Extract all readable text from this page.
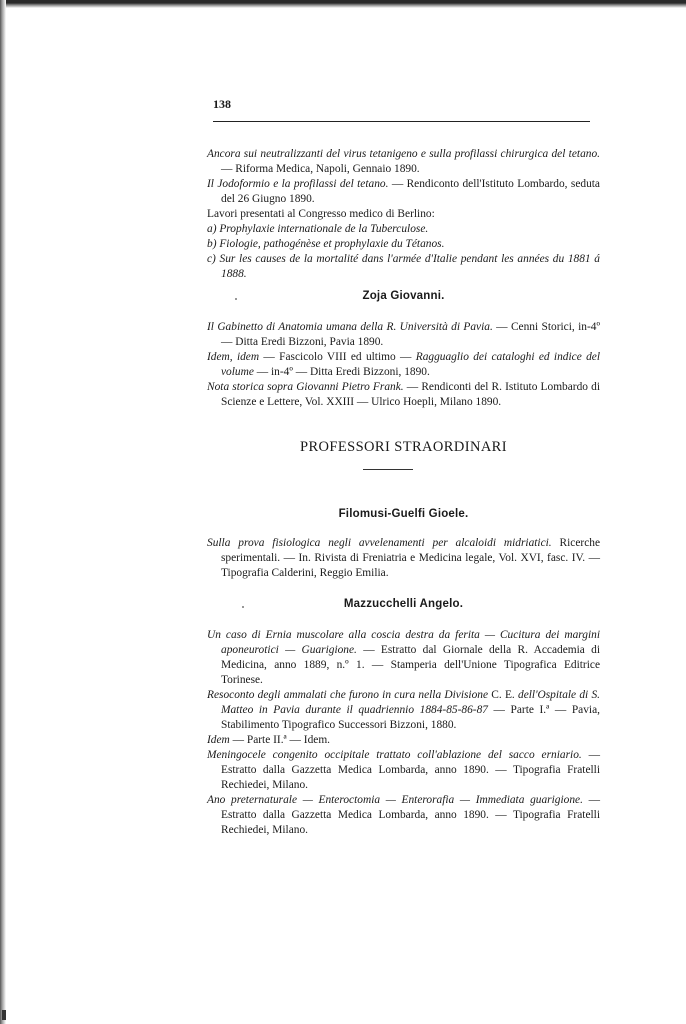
138
Ancora sui neutralizzanti del virus tetanigeno e sulla profilassi chirurgica del tetano. — Riforma Medica, Napoli, Gennaio 1890.
Il Jodoformio e la profilassi del tetano. — Rendiconto dell'Istituto Lombardo, seduta del 26 Giugno 1890.
Lavori presentati al Congresso medico di Berlino:
a) Prophylaxie internationale de la Tuberculose.
b) Fiologie, pathogénèse et prophylaxie du Tétanos.
c) Sur les causes de la mortalité dans l'armée d'Italie pendant les années du 1881 á 1888.
Zoja Giovanni.
Il Gabinetto di Anatomia umana della R. Università di Pavia. — Cenni Storici, in-4º — Ditta Eredi Bizzoni, Pavia 1890.
Idem, idem — Fascicolo VIII ed ultimo — Ragguaglio dei cataloghi ed indice del volume — in-4º — Ditta Eredi Bizzoni, 1890.
Nota storica sopra Giovanni Pietro Frank. — Rendiconti del R. Istituto Lombardo di Scienze e Lettere, Vol. XXIII — Ulrico Hoepli, Milano 1890.
PROFESSORI STRAORDINARI
Filomusi-Guelfi Gioele.
Sulla prova fisiologica negli avvelenamenti per alcaloidi midriatici. Ricerche sperimentali. — In. Rivista di Freniatria e Medicina legale, Vol. XVI, fasc. IV. — Tipografia Calderini, Reggio Emilia.
Mazzucchelli Angelo.
Un caso di Ernia muscolare alla coscia destra da ferita — Cucitura dei margini aponeurotici — Guarigione. — Estratto dal Giornale della R. Accademia di Medicina, anno 1889, n.º 1. — Stamperia dell'Unione Tipografica Editrice Torinese.
Resoconto degli ammalati che furono in cura nella Divisione C. E. dell'Ospitale di S. Matteo in Pavia durante il quadriennio 1884-85-86-87 — Parte I.ª — Pavia, Stabilimento Tipografico Successori Bizzoni, 1880.
Idem — Parte II.ª — Idem.
Meningocele congenito occipitale trattato coll'ablazione del sacco erniario. — Estratto dalla Gazzetta Medica Lombarda, anno 1890. — Tipografia Fratelli Rechiedei, Milano.
Ano preternaturale — Enteroctomia — Enterorafia — Immediata guarigione. — Estratto dalla Gazzetta Medica Lombarda, anno 1890. — Tipografia Fratelli Rechiedei, Milano.
